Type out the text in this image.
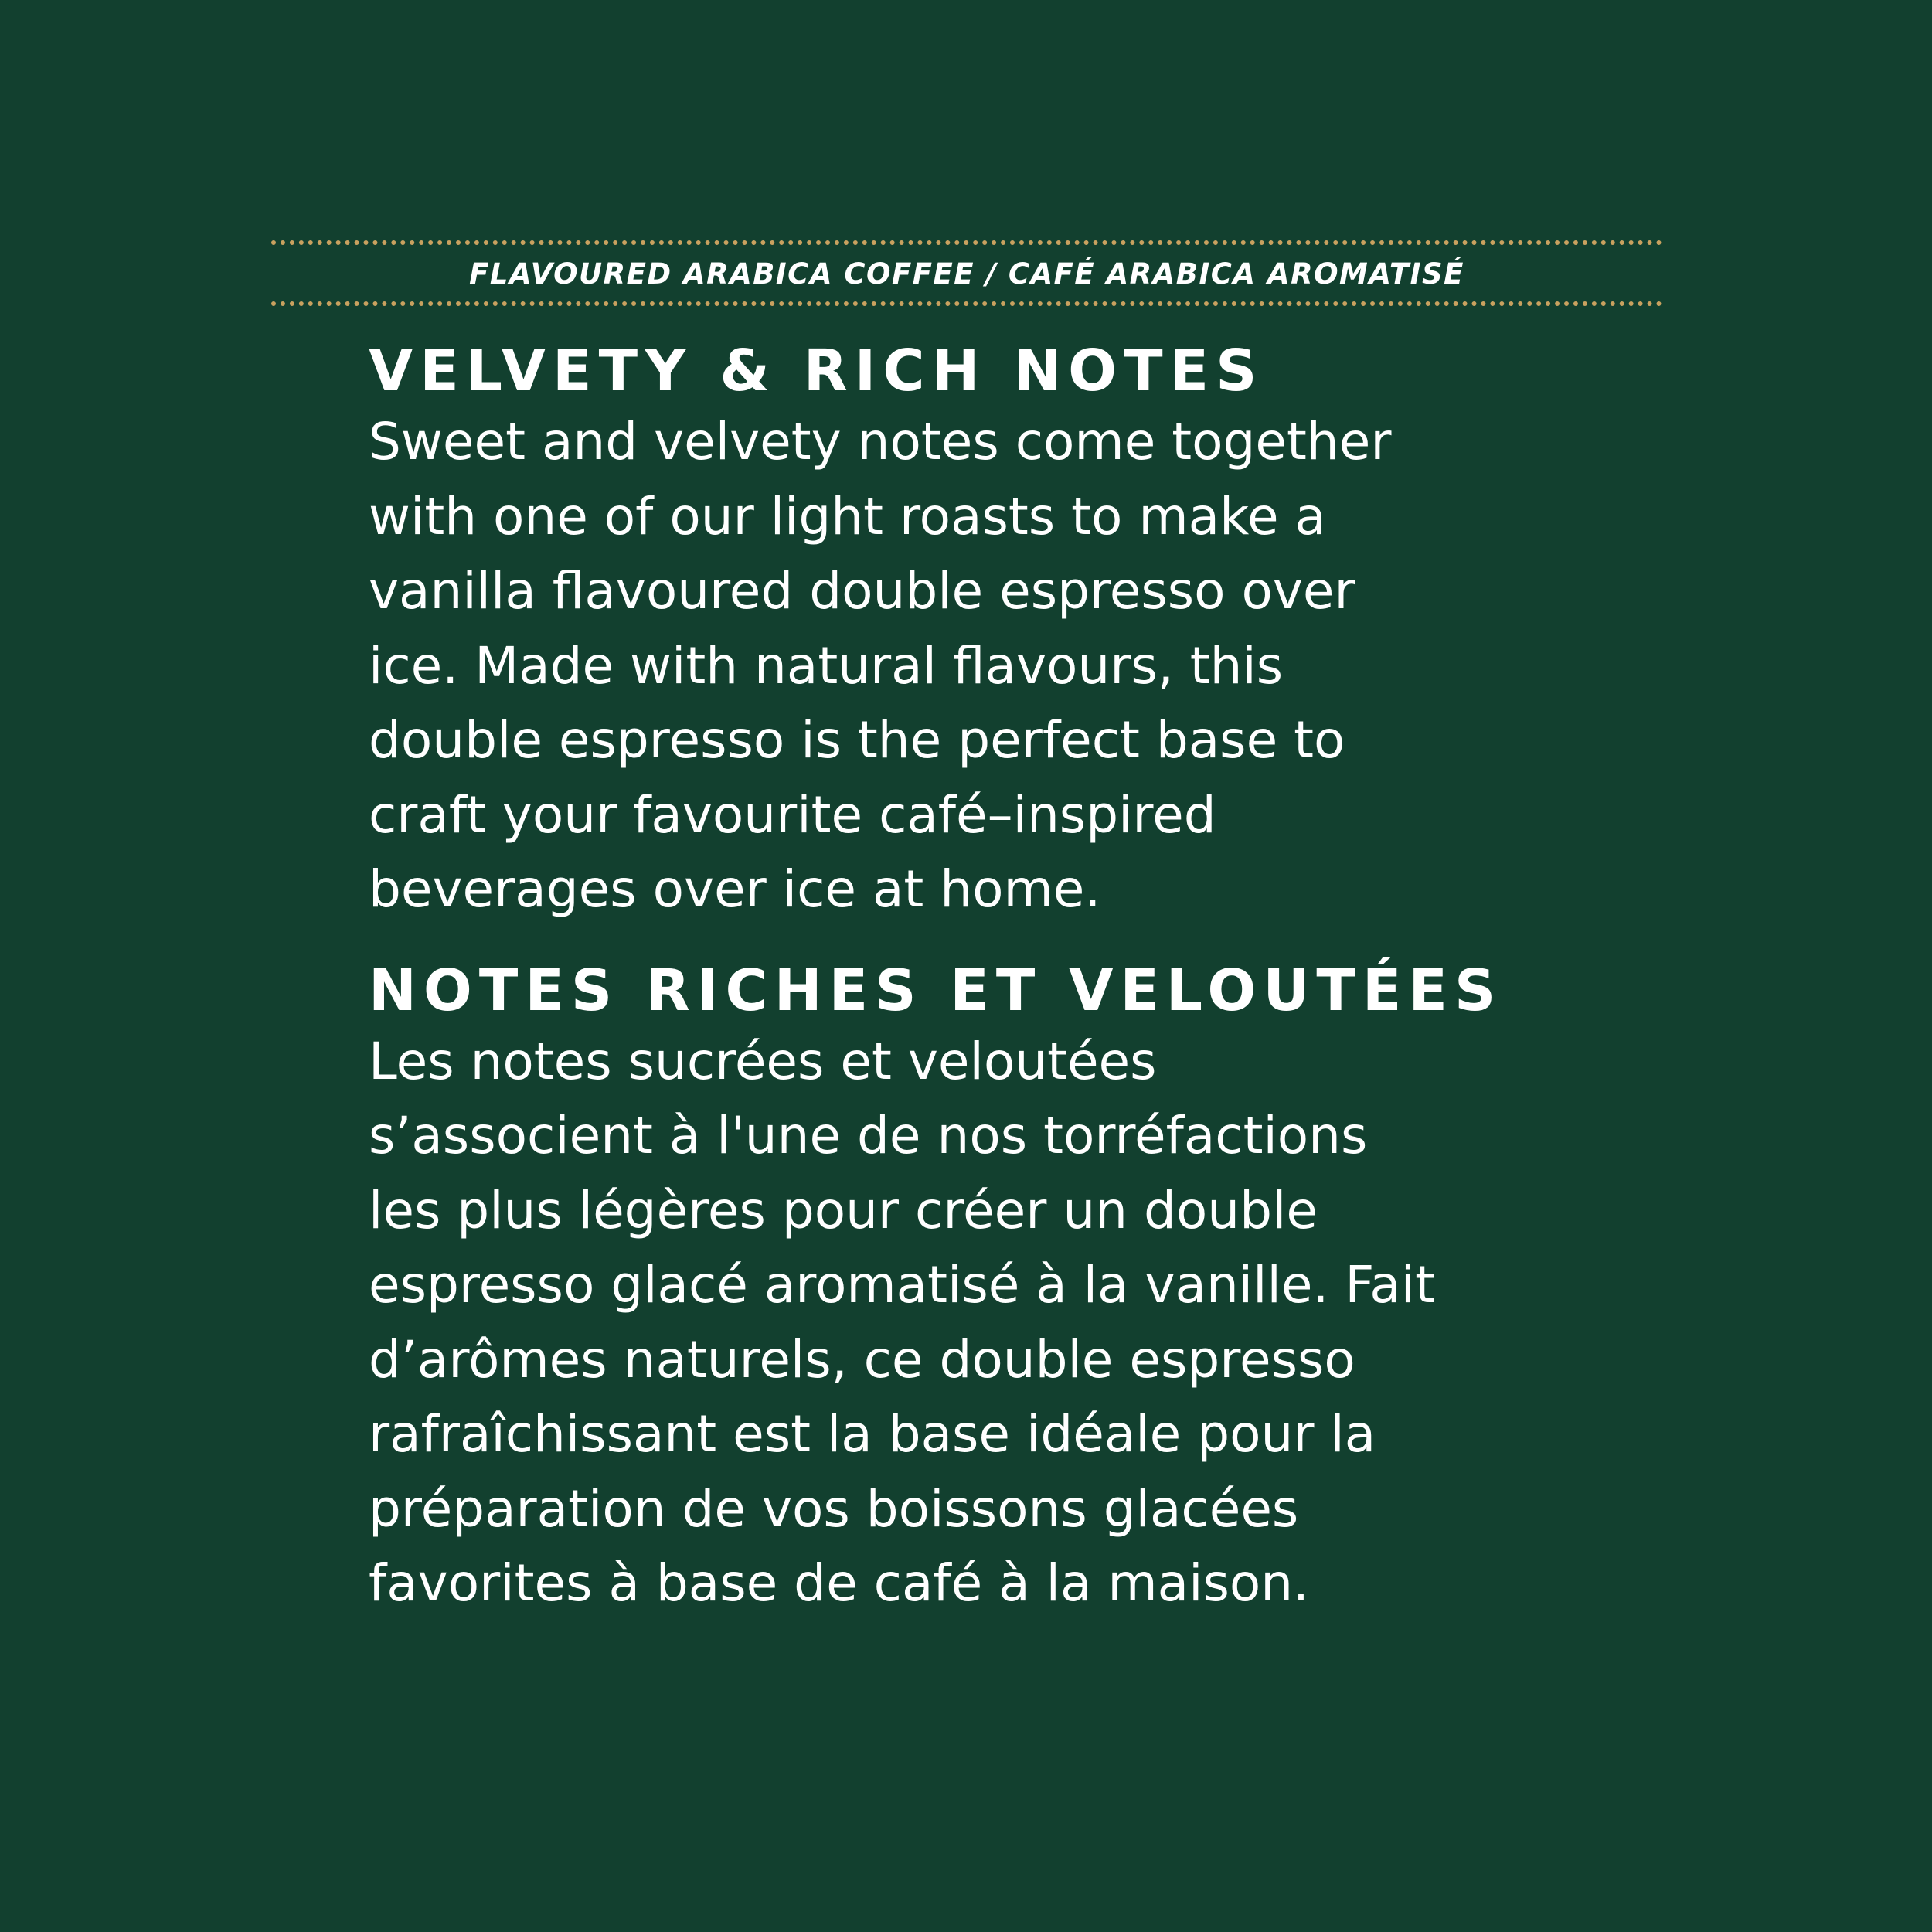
FLAVOURED ARABICA COFFEE / CAFÉ ARABICA AROMATISÉ
VELVETY & RICH NOTES

Sweet and velvety notes come together
with one of our light roasts to make a
vanilla flavoured double espresso over
ice. Made with natural flavours, this
double espresso is the perfect base to
craft your favourite café–inspired
beverages over ice at home.

NOTES RICHES ET VELOUTÉES

Les notes sucrées et veloutées
s’associent à l'une de nos torréfactions
les plus légères pour créer un double
espresso glacé aromatisé à la vanille. Fait
d’arômes naturels, ce double espresso
rafraîchissant est la base idéale pour la
préparation de vos boissons glacées
favorites à base de café à la maison.
